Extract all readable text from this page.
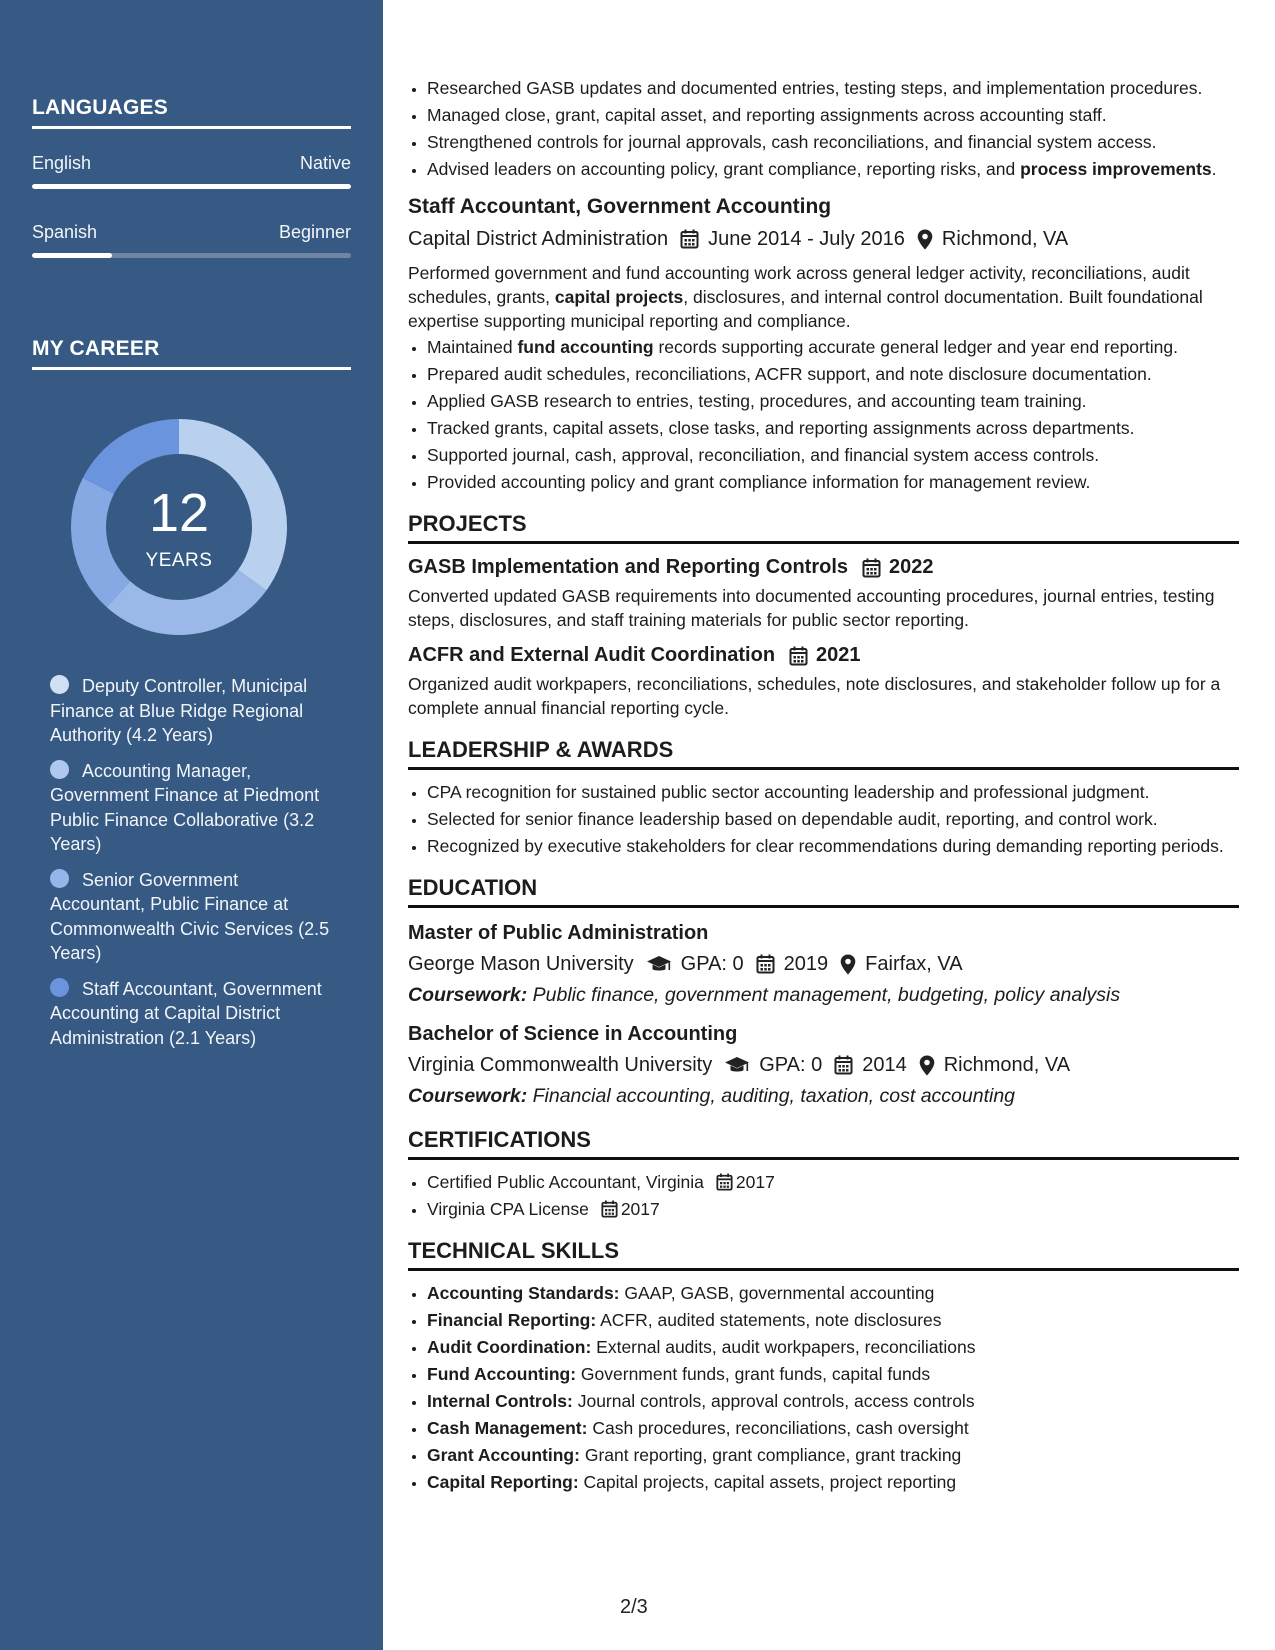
LANGUAGES
English	Native
Spanish	Beginner
MY CAREER
12
YEARS
Deputy Controller, Municipal Finance at Blue Ridge Regional Authority (4.2 Years)
Accounting Manager, Government Finance at Piedmont Public Finance Collaborative (3.2 Years)
Senior Government Accountant, Public Finance at Commonwealth Civic Services (2.5 Years)
Staff Accountant, Government Accounting at Capital District Administration (2.1 Years)
• Researched GASB updates and documented entries, testing steps, and implementation procedures.
• Managed close, grant, capital asset, and reporting assignments across accounting staff.
• Strengthened controls for journal approvals, cash reconciliations, and financial system access.
• Advised leaders on accounting policy, grant compliance, reporting risks, and process improvements.
Staff Accountant, Government Accounting
Capital District Administration June 2014 - July 2016 Richmond, VA

Performed government and fund accounting work across general ledger activity, reconciliations, audit schedules, grants, capital projects, disclosures, and internal control documentation. Built foundational expertise supporting municipal reporting and compliance.

• Maintained fund accounting records supporting accurate general ledger and year end reporting.
• Prepared audit schedules, reconciliations, ACFR support, and note disclosure documentation.
• Applied GASB research to entries, testing, procedures, and accounting team training.
• Tracked grants, capital assets, close tasks, and reporting assignments across departments.
• Supported journal, cash, approval, reconciliation, and financial system access controls.
• Provided accounting policy and grant compliance information for management review.
PROJECTS
GASB Implementation and Reporting Controls 2022

Converted updated GASB requirements into documented accounting procedures, journal entries, testing steps, disclosures, and staff training materials for public sector reporting.

ACFR and External Audit Coordination 2021

Organized audit workpapers, reconciliations, schedules, note disclosures, and stakeholder follow up for a complete annual financial reporting cycle.

LEADERSHIP & AWARDS
• CPA recognition for sustained public sector accounting leadership and professional judgment.
• Selected for senior finance leadership based on dependable audit, reporting, and control work.
• Recognized by executive stakeholders for clear recommendations during demanding reporting periods.
EDUCATION
Master of Public Administration
George Mason University GPA: 0 2019 Fairfax, VA
Coursework: Public finance, government management, budgeting, policy analysis
Bachelor of Science in Accounting
Virginia Commonwealth University GPA: 0 2014 Richmond, VA
Coursework: Financial accounting, auditing, taxation, cost accounting
CERTIFICATIONS
• Certified Public Accountant, Virginia 2017
• Virginia CPA License 2017
TECHNICAL SKILLS
• Accounting Standards: GAAP, GASB, governmental accounting
• Financial Reporting: ACFR, audited statements, note disclosures
• Audit Coordination: External audits, audit workpapers, reconciliations
• Fund Accounting: Government funds, grant funds, capital funds
• Internal Controls: Journal controls, approval controls, access controls
• Cash Management: Cash procedures, reconciliations, cash oversight
• Grant Accounting: Grant reporting, grant compliance, grant tracking
• Capital Reporting: Capital projects, capital assets, project reporting
2/3
